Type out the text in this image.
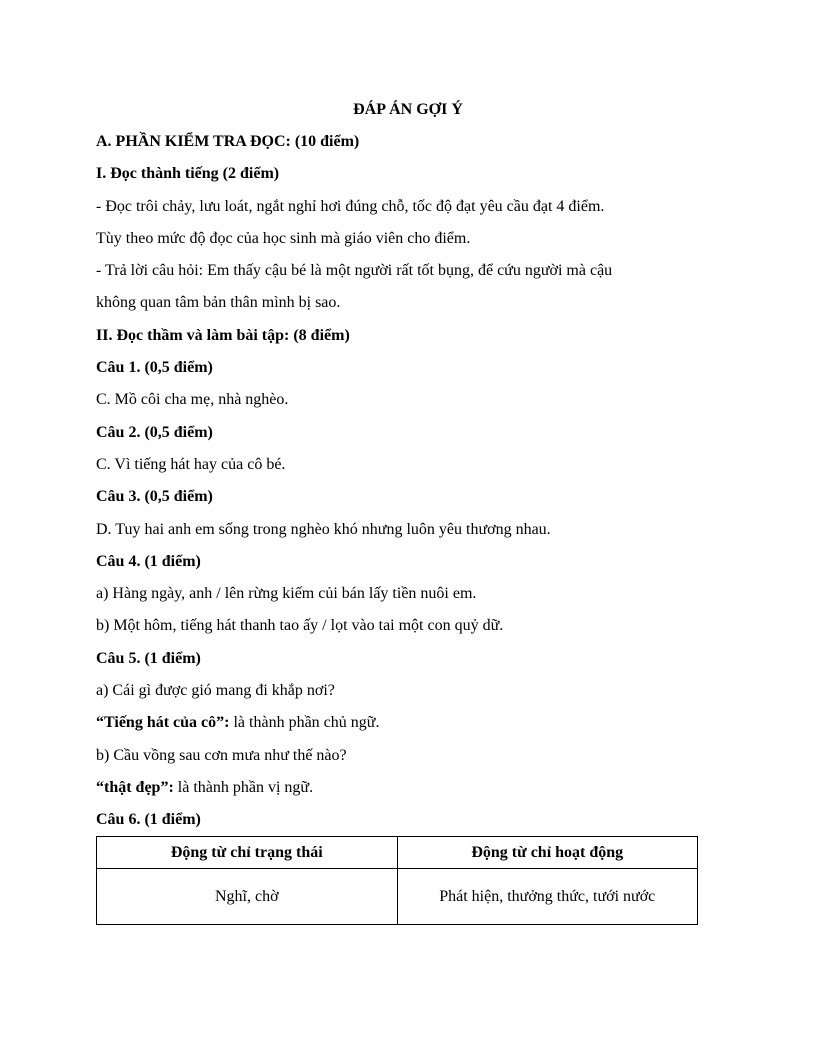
ĐÁP ÁN GỢI Ý
A. PHẦN KIỂM TRA ĐỌC: (10 điểm)
I. Đọc thành tiếng (2 điểm)
- Đọc trôi chảy, lưu loát, ngắt nghỉ hơi đúng chỗ, tốc độ đạt yêu cầu đạt 4 điểm.
Tùy theo mức độ đọc của học sinh mà giáo viên cho điểm.
- Trả lời câu hỏi: Em thấy cậu bé là một người rất tốt bụng, để cứu người mà cậu
không quan tâm bản thân mình bị sao.
II. Đọc thầm và làm bài tập: (8 điểm)
Câu 1. (0,5 điểm)
C. Mồ côi cha mẹ, nhà nghèo.
Câu 2. (0,5 điểm)
C. Vì tiếng hát hay của cô bé.
Câu 3. (0,5 điểm)
D. Tuy hai anh em sống trong nghèo khó nhưng luôn yêu thương nhau.
Câu 4. (1 điểm)
a) Hàng ngày, anh / lên rừng kiếm củi bán lấy tiền nuôi em.
b) Một hôm, tiếng hát thanh tao ấy / lọt vào tai một con quỷ dữ.
Câu 5. (1 điểm)
a) Cái gì được gió mang đi khắp nơi?
“Tiếng hát của cô”: là thành phần chủ ngữ.
b) Cầu vồng sau cơn mưa như thế nào?
“thật đẹp”: là thành phần vị ngữ.
Câu 6. (1 điểm)
Động từ chỉ trạng thái	Động từ chỉ hoạt động
Nghĩ, chờ	Phát hiện, thưởng thức, tưới nước
